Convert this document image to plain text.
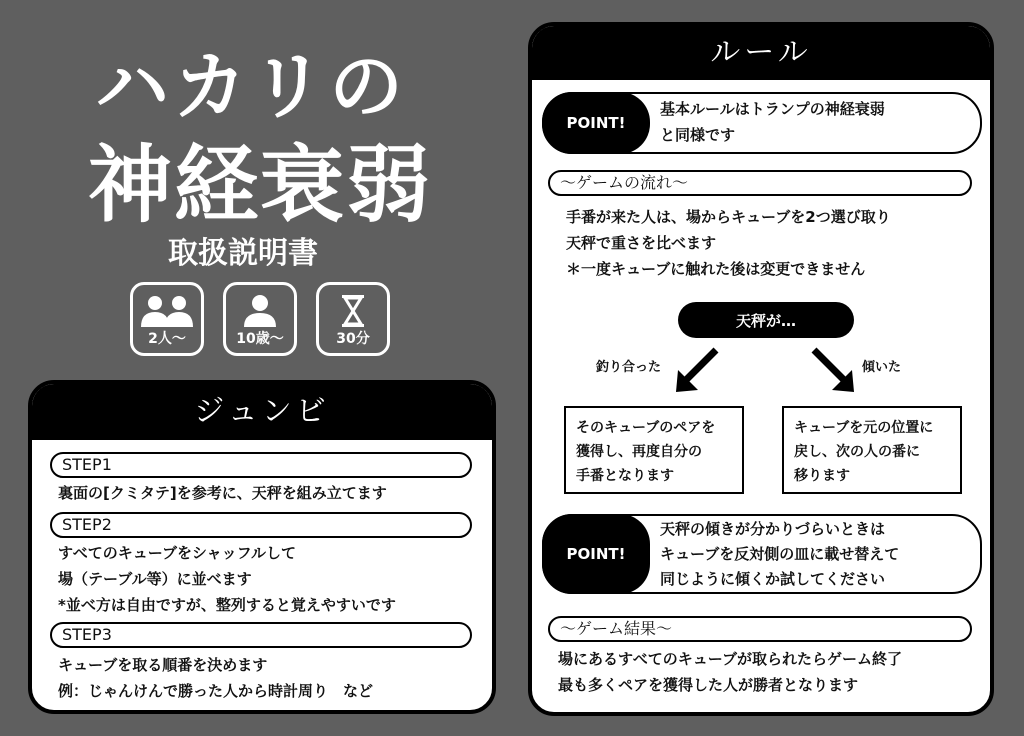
ハカリの
神経衰弱
取扱説明書
2人〜	10歳〜	30分
ジュンビ
STEP1
裏面の[クミタテ]を参考に、天秤を組み立てます
STEP2
すべてのキューブをシャッフルして
場（テーブル等）に並べます
*並べ方は自由ですが、整列すると覚えやすいです
STEP3
キューブを取る順番を決めます
例：じゃんけんで勝った人から時計周り　など
ルール
POINT!
基本ルールはトランプの神経衰弱
と同様です
〜ゲームの流れ〜
手番が来た人は、場からキューブを2つ選び取り
天秤で重さを比べます
＊一度キューブに触れた後は変更できません
天秤が…
釣り合った	傾いた
そのキューブのペアを
獲得し、再度自分の
手番となります
キューブを元の位置に
戻し、次の人の番に
移ります
POINT!
天秤の傾きが分かりづらいときは
キューブを反対側の皿に載せ替えて
同じように傾くか試してください
〜ゲーム結果〜
場にあるすべてのキューブが取られたらゲーム終了
最も多くペアを獲得した人が勝者となります
